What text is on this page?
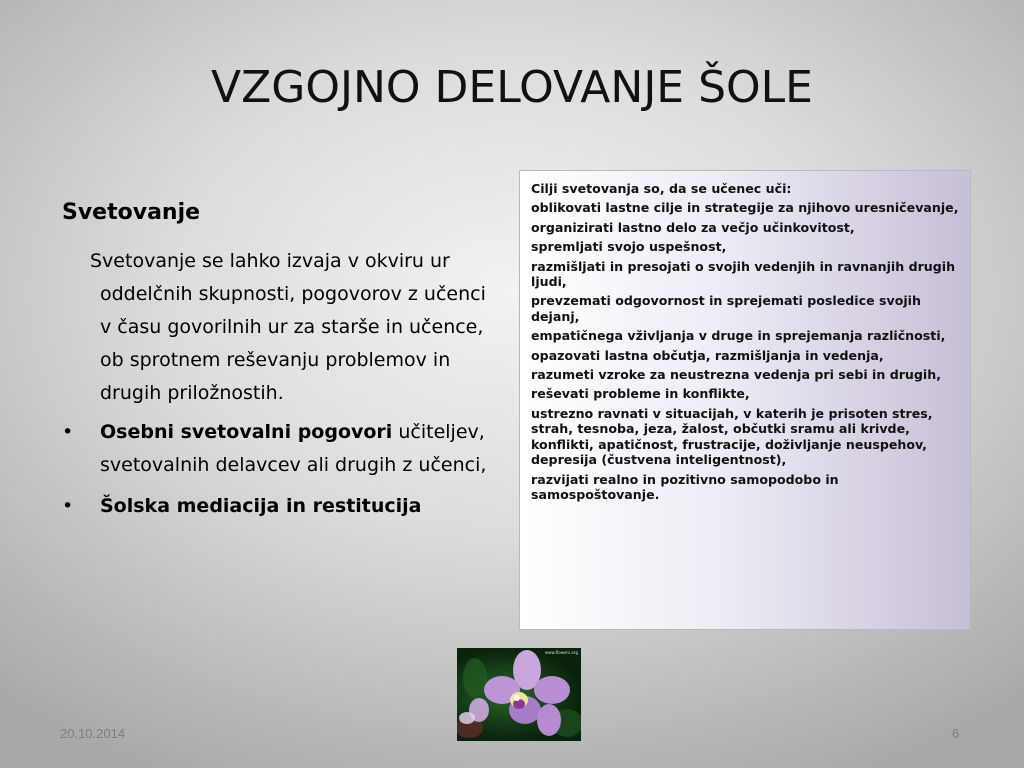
VZGOJNO DELOVANJE ŠOLE
Svetovanje

Svetovanje se lahko izvaja v okviru ur oddelčnih skupnosti, pogovorov z učenci v času govorilnih ur za starše in učence, ob sprotnem reševanju problemov in drugih priložnostih.

• Osebni svetovalni pogovori učiteljev, svetovalnih delavcev ali drugih z učenci,
• Šolska mediacija in restitucija

Cilji svetovanja so, da se učenec uči:

oblikovati lastne cilje in strategije za njihovo uresničevanje,

organizirati lastno delo za večjo učinkovitost,

spremljati svojo uspešnost,

razmišljati in presojati o svojih vedenjih in ravnanjih drugih ljudi,

prevzemati odgovornost in sprejemati posledice svojih dejanj,

empatičnega vživljanja v druge in sprejemanja različnosti,

opazovati lastna občutja, razmišljanja in vedenja,

razumeti vzroke za neustrezna vedenja pri sebi in drugih,

reševati probleme in konflikte,

ustrezno ravnati v situacijah, v katerih je prisoten stres, strah, tesnoba, jeza, žalost, občutki sramu ali krivde, konflikti, apatičnost, frustracije, doživljanje neuspehov, depresija (čustvena inteligentnost),

razvijati realno in pozitivno samopodobo in samospoštovanje.

www.flowers.org
20.10.2014	6
